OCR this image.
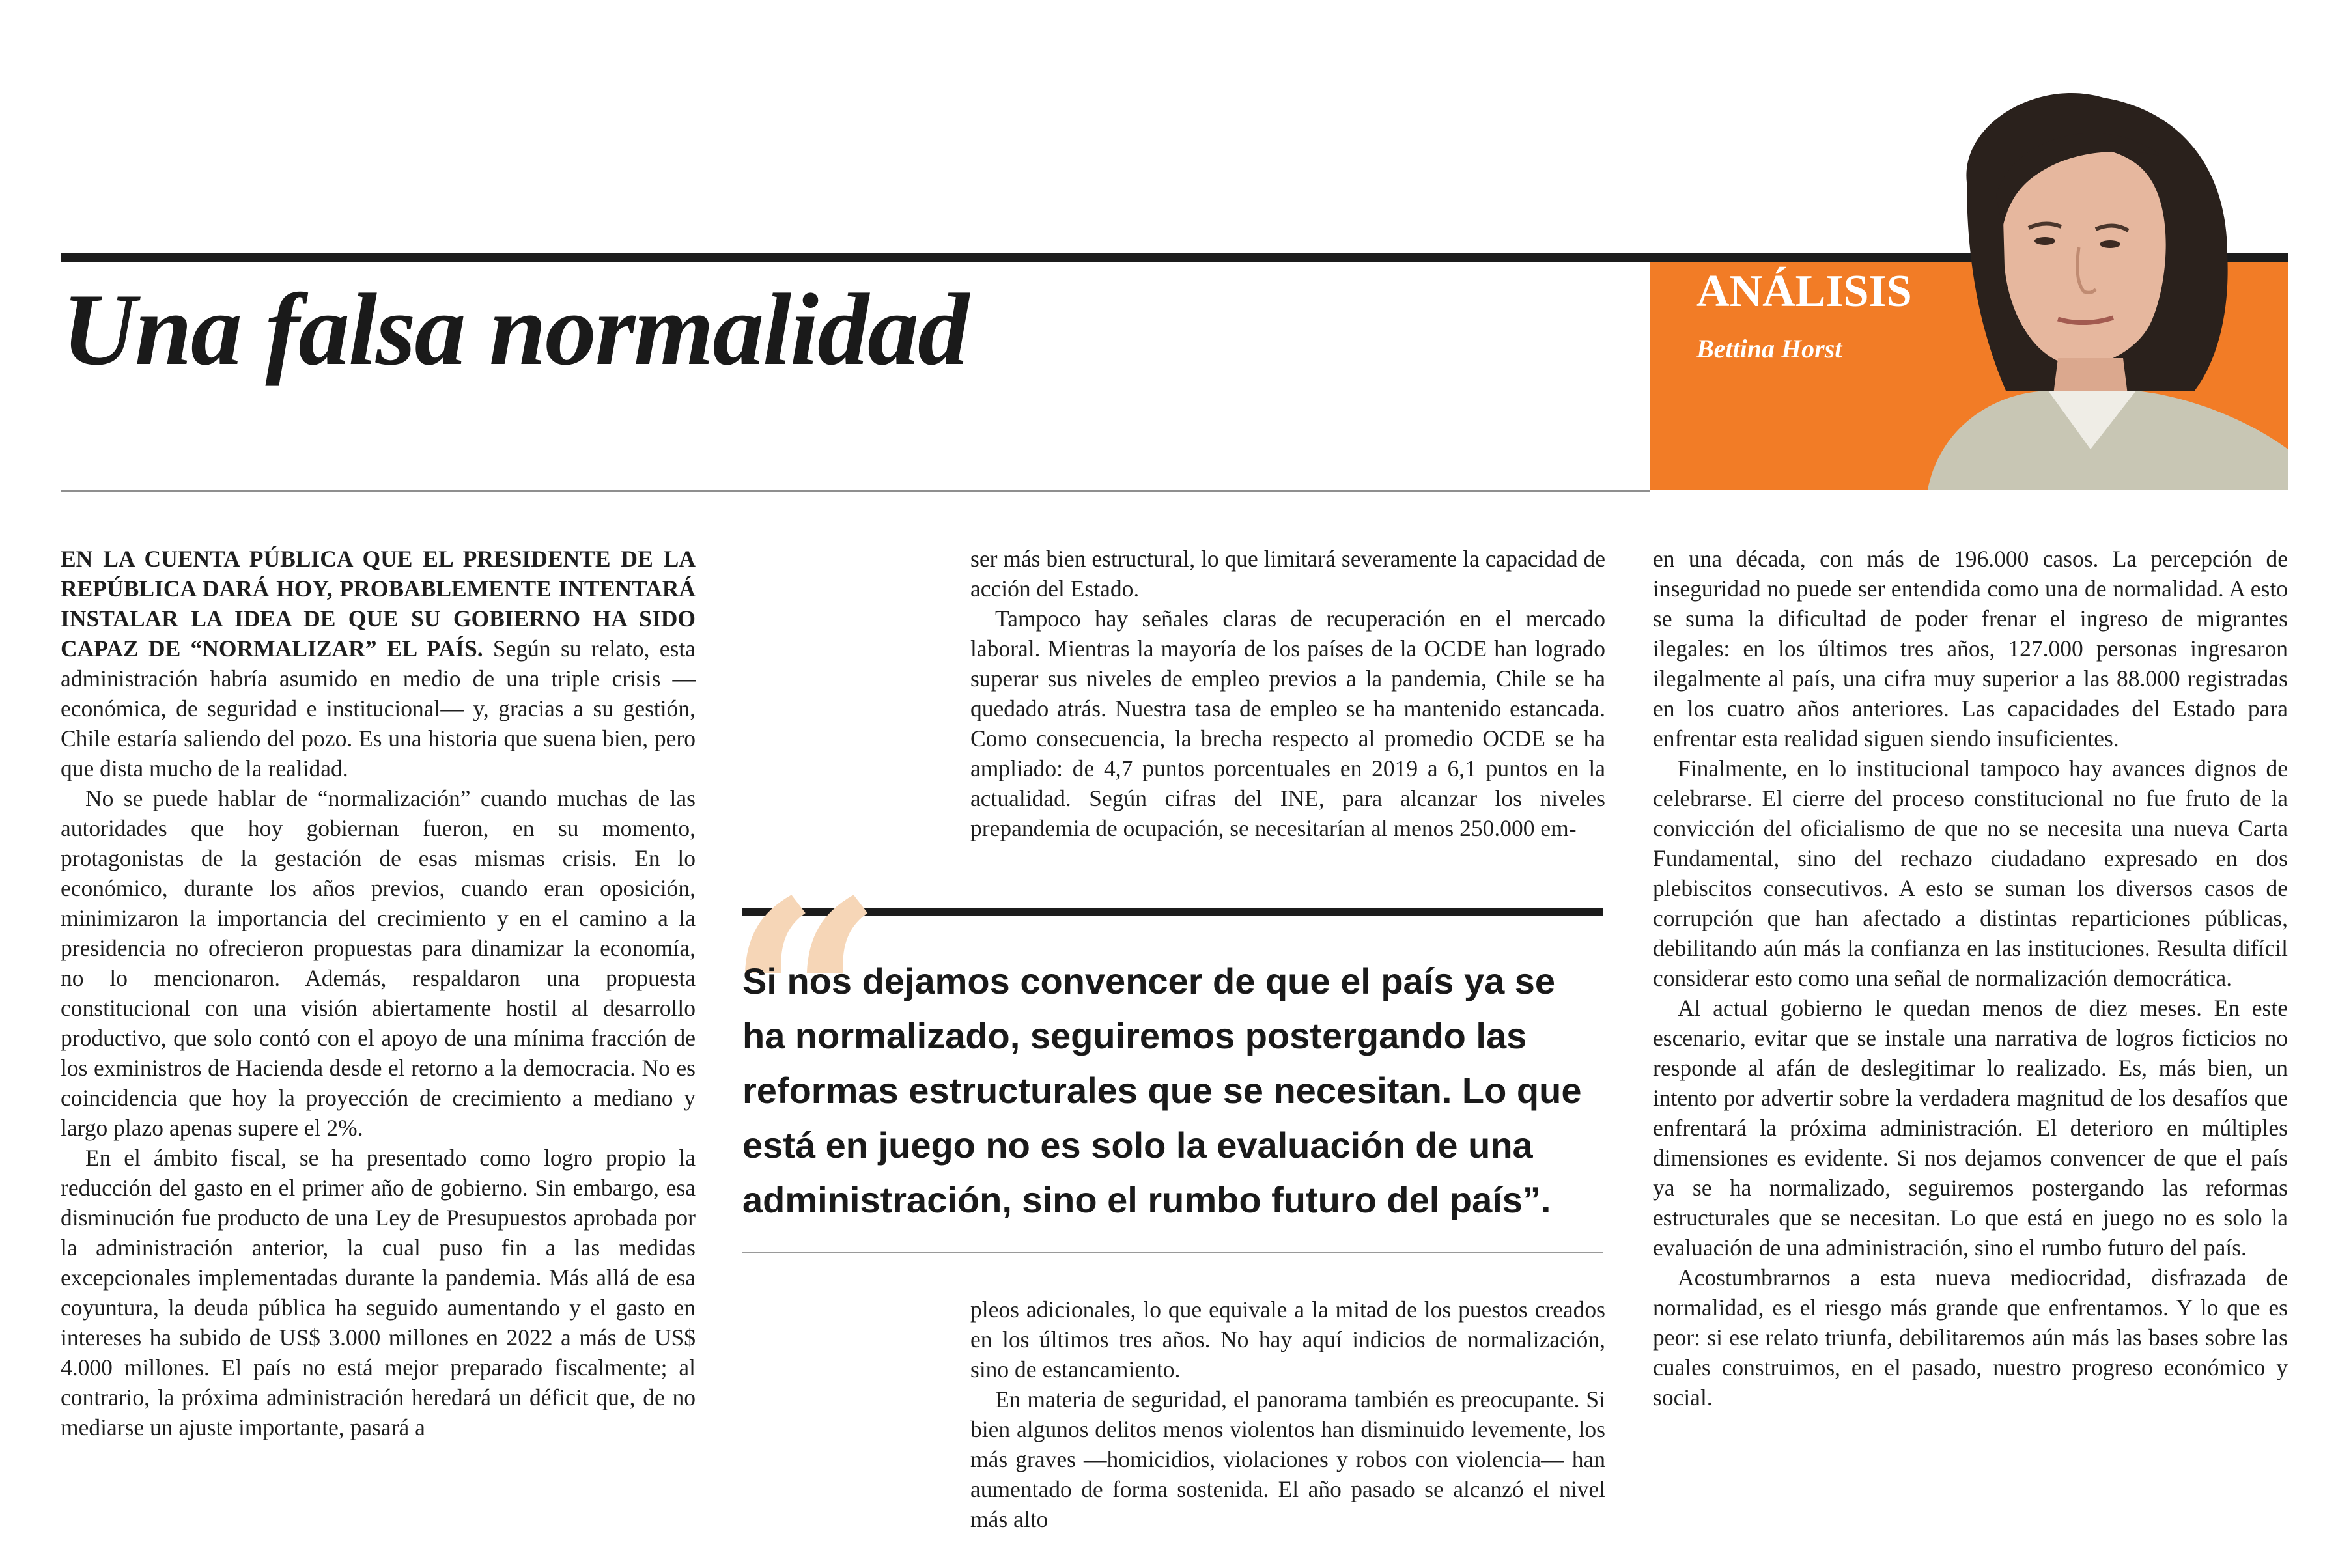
Una falsa normalidad	ANÁLISIS
Bettina Horst

EN LA CUENTA PÚBLICA QUE EL PRESIDENTE DE LA REPÚBLICA DARÁ HOY, PROBABLEMENTE INTENTARÁ INSTALAR LA IDEA DE QUE SU GOBIERNO HA SIDO CAPAZ DE “NORMALIZAR” EL PAÍS. Según su relato, esta administración habría asumido en medio de una triple crisis —económica, de seguridad e institucional— y, gracias a su gestión, Chile estaría saliendo del pozo. Es una historia que suena bien, pero que dista mucho de la realidad.

No se puede hablar de “normalización” cuando muchas de las autoridades que hoy gobiernan fueron, en su momento, protagonistas de la gestación de esas mismas crisis. En lo económico, durante los años previos, cuando eran oposición, minimizaron la importancia del crecimiento y en el camino a la presidencia no ofrecieron propuestas para dinamizar la economía, no lo mencionaron. Además, respaldaron una propuesta constitucional con una visión abiertamente hostil al desarrollo productivo, que solo contó con el apoyo de una mínima fracción de los exministros de Hacienda desde el retorno a la democracia. No es coincidencia que hoy la proyección de crecimiento a mediano y largo plazo apenas supere el 2%.

En el ámbito fiscal, se ha presentado como logro propio la reducción del gasto en el primer año de gobierno. Sin embargo, esa disminución fue producto de una Ley de Presupuestos aprobada por la administración anterior, la cual puso fin a las medidas excepcionales implementadas durante la pandemia. Más allá de esa coyuntura, la deuda pública ha seguido aumentando y el gasto en intereses ha subido de US$ 3.000 millones en 2022 a más de US$ 4.000 millones. El país no está mejor preparado fiscalmente; al contrario, la próxima administración heredará un déficit que, de no mediarse un ajuste importante, pasará a

ser más bien estructural, lo que limitará severamente la capacidad de acción del Estado.

Tampoco hay señales claras de recuperación en el mercado laboral. Mientras la mayoría de los países de la OCDE han logrado superar sus niveles de empleo previos a la pandemia, Chile se ha quedado atrás. Nuestra tasa de empleo se ha mantenido estancada. Como consecuencia, la brecha respecto al promedio OCDE se ha ampliado: de 4,7 puntos porcentuales en 2019 a 6,1 puntos en la actualidad. Según cifras del INE, para alcanzar los niveles prepandemia de ocupación, se necesitarían al menos 250.000 em-

“

Si nos dejamos convencer de que el país ya se ha normalizado, seguiremos postergando las reformas estructurales que se necesitan. Lo que está en juego no es solo la evaluación de una administración, sino el rumbo futuro del país”.

pleos adicionales, lo que equivale a la mitad de los puestos creados en los últimos tres años. No hay aquí indicios de normalización, sino de estancamiento.

En materia de seguridad, el panorama también es preocupante. Si bien algunos delitos menos violentos han disminuido levemente, los más graves —homicidios, violaciones y robos con violencia— han aumentado de forma sostenida. El año pasado se alcanzó el nivel más alto

en una década, con más de 196.000 casos. La percepción de inseguridad no puede ser entendida como una de normalidad. A esto se suma la dificultad de poder frenar el ingreso de migrantes ilegales: en los últimos tres años, 127.000 personas ingresaron ilegalmente al país, una cifra muy superior a las 88.000 registradas en los cuatro años anteriores. Las capacidades del Estado para enfrentar esta realidad siguen siendo insuficientes.

Finalmente, en lo institucional tampoco hay avances dignos de celebrarse. El cierre del proceso constitucional no fue fruto de la convicción del oficialismo de que no se necesita una nueva Carta Fundamental, sino del rechazo ciudadano expresado en dos plebiscitos consecutivos. A esto se suman los diversos casos de corrupción que han afectado a distintas reparticiones públicas, debilitando aún más la confianza en las instituciones. Resulta difícil considerar esto como una señal de normalización democrática.

Al actual gobierno le quedan menos de diez meses. En este escenario, evitar que se instale una narrativa de logros ficticios no responde al afán de deslegitimar lo realizado. Es, más bien, un intento por advertir sobre la verdadera magnitud de los desafíos que enfrentará la próxima administración. El deterioro en múltiples dimensiones es evidente. Si nos dejamos convencer de que el país ya se ha normalizado, seguiremos postergando las reformas estructurales que se necesitan. Lo que está en juego no es solo la evaluación de una administración, sino el rumbo futuro del país.

Acostumbrarnos a esta nueva mediocridad, disfrazada de normalidad, es el riesgo más grande que enfrentamos. Y lo que es peor: si ese relato triunfa, debilitaremos aún más las bases sobre las cuales construimos, en el pasado, nuestro progreso económico y social.
